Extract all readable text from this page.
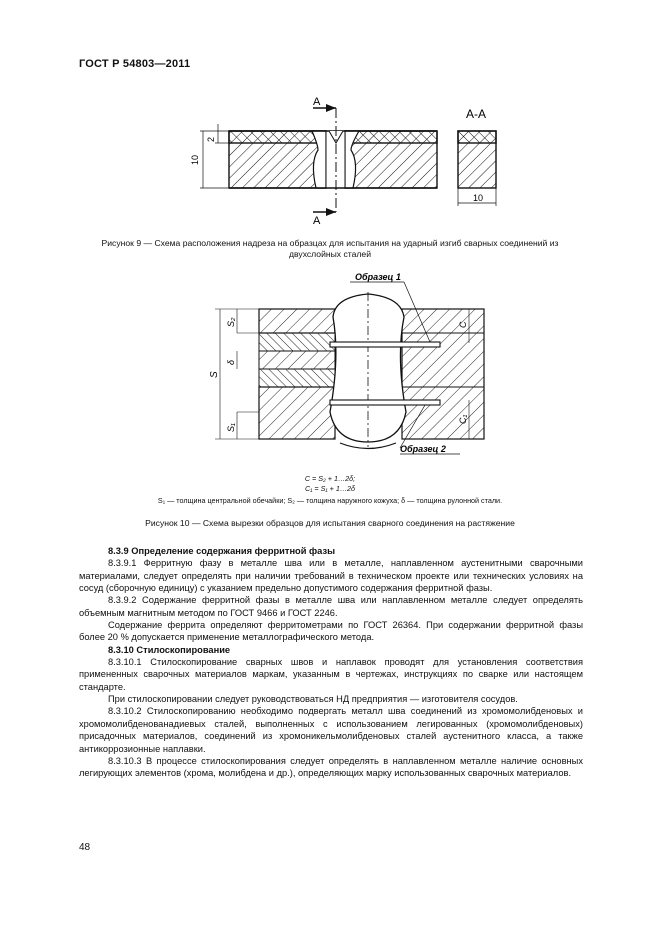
ГОСТ Р 54803—2011
А
А
10
2
А-А
10
Рисунок 9 — Схема расположения надреза на образцах для испытания на ударный изгиб сварных соединений из
двухслойных сталей
Образец 1
Образец 2
S₂
δ
S
S₁
C
C₁
C = S₂ + 1…2δ;
C₁ = S₁ + 1…2δ
S₁ — толщина центральной обечайки; S₂ — толщина наружного кожуха; δ — толщина рулонной стали.
Рисунок 10 — Схема вырезки образцов для испытания сварного соединения на растяжение

8.3.9 Определение содержания ферритной фазы

8.3.9.1 Ферритную фазу в металле шва или в металле, наплавленном аустенитными сварочными материалами, следует определять при наличии требований в техническом проекте или технических условиях на сосуд (сборочную единицу) с указанием предельно допустимого содержания ферритной фазы.

8.3.9.2 Содержание ферритной фазы в металле шва или наплавленном металле следует определять объемным магнитным методом по ГОСТ 9466 и ГОСТ 2246.

Содержание феррита определяют ферритометрами по ГОСТ 26364. При содержании ферритной фазы более 20 % допускается применение металлографического метода.

8.3.10 Стилоскопирование

8.3.10.1 Стилоскопирование сварных швов и наплавок проводят для установления соответствия примененных сварочных материалов маркам, указанным в чертежах, инструкциях по сварке или настоящем стандарте.

При стилоскопировании следует руководствоваться НД предприятия — изготовителя сосудов.

8.3.10.2 Стилоскопированию необходимо подвергать металл шва соединений из хромомолибденовых и хромомолибденованадиевых сталей, выполненных с использованием легированных (хромомолибденовых) присадочных материалов, соединений из хромоникельмолибденовых сталей аустенитного класса, а также антикоррозионные наплавки.

8.3.10.3 В процессе стилоскопирования следует определять в наплавленном металле наличие основных легирующих элементов (хрома, молибдена и др.), определяющих марку использованных сварочных материалов.

48
